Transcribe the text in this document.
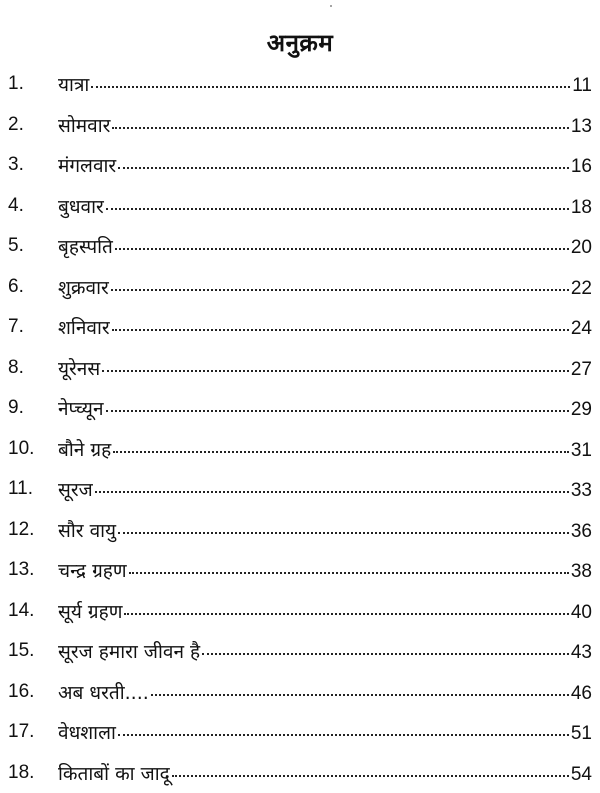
अनुक्रम
1.	यात्रा	11
2.	सोमवार	13
3.	मंगलवार	16
4.	बुधवार	18
5.	बृहस्पति	20
6.	शुक्रवार	22
7.	शनिवार	24
8.	यूरेनस	27
9.	नेप्च्यून	29
10.	बौने ग्रह	31
11.	सूरज	33
12.	सौर वायु	36
13.	चन्द्र ग्रहण	38
14.	सूर्य ग्रहण	40
15.	सूरज हमारा जीवन है	43
16.	अब धरती....	46
17.	वेधशाला	51
18.	किताबों का जादू	54
